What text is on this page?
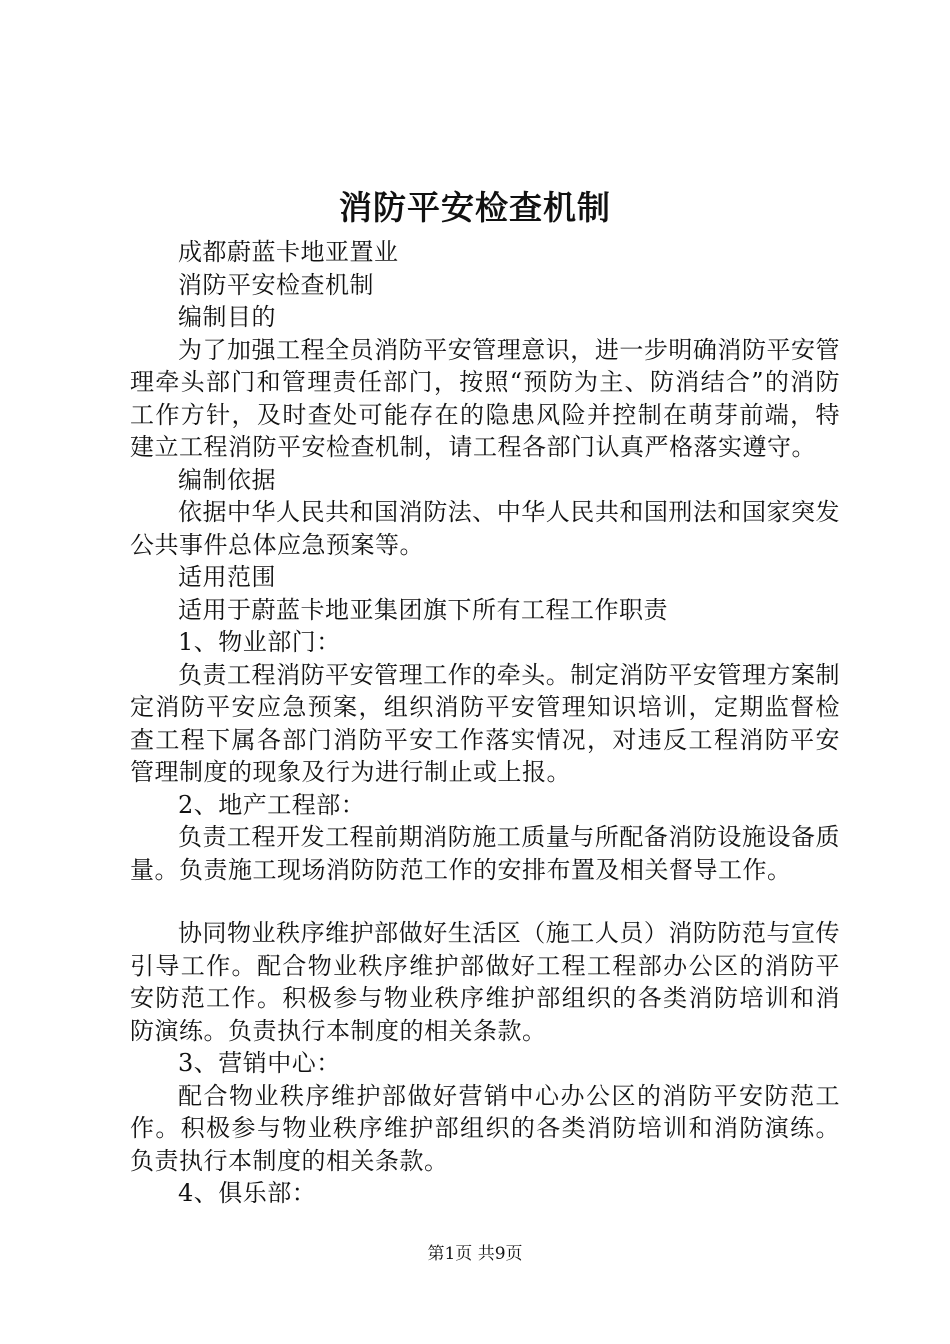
消防平安检查机制

成都蔚蓝卡地亚置业

消防平安检查机制

编制目的

为了加强工程全员消防平安管理意识，进一步明确消防平安管理牵头部门和管理责任部门，按照“预防为主、防消结合”的消防工作方针，及时查处可能存在的隐患风险并控制在萌芽前端，特建立工程消防平安检查机制，请工程各部门认真严格落实遵守。

编制依据

依据中华人民共和国消防法、中华人民共和国刑法和国家突发公共事件总体应急预案等。

适用范围

适用于蔚蓝卡地亚集团旗下所有工程工作职责

1、物业部门：

负责工程消防平安管理工作的牵头。制定消防平安管理方案制定消防平安应急预案，组织消防平安管理知识培训，定期监督检查工程下属各部门消防平安工作落实情况，对违反工程消防平安管理制度的现象及行为进行制止或上报。

2、地产工程部：

负责工程开发工程前期消防施工质量与所配备消防设施设备质量。负责施工现场消防防范工作的安排布置及相关督导工作。

协同物业秩序维护部做好生活区（施工人员）消防防范与宣传引导工作。配合物业秩序维护部做好工程工程部办公区的消防平安防范工作。积极参与物业秩序维护部组织的各类消防培训和消防演练。负责执行本制度的相关条款。

3、营销中心：

配合物业秩序维护部做好营销中心办公区的消防平安防范工作。积极参与物业秩序维护部组织的各类消防培训和消防演练。负责执行本制度的相关条款。

4、俱乐部：

第1页 共9页
